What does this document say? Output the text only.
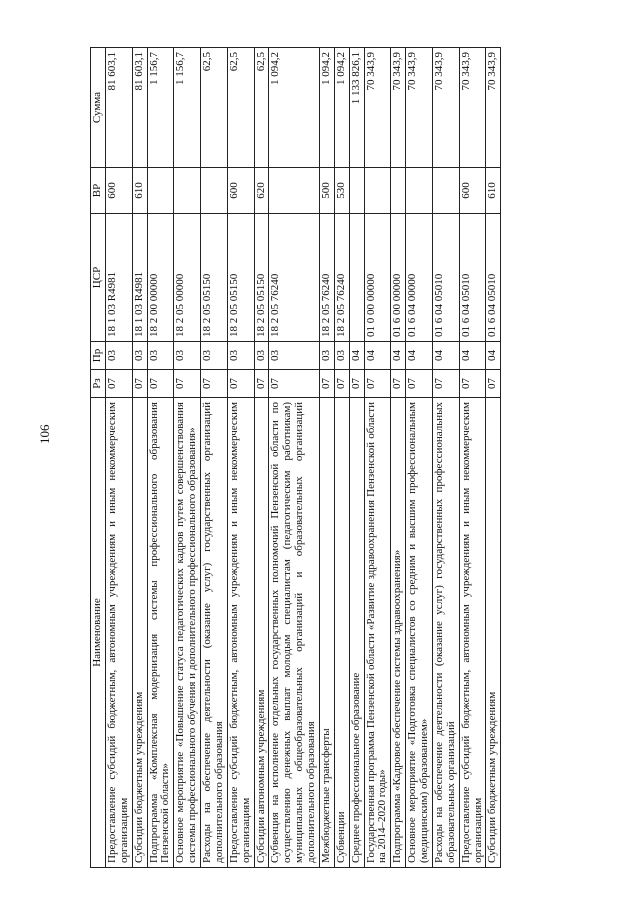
106
Наименование	Рз	Пр	ЦСР	ВР	Сумма
Предоставление субсидий бюджетным, автономным учреждениям и иным некоммерческим организациям	07	03	18 1 03 R4981	600	81 603,1
Субсидии бюджетным учреждениям	07	03	18 1 03 R4981	610	81 603,1
Подпрограмма «Комплексная модернизация системы профессионального образования Пензенской области»	07	03	18 2 00 00000		1 156,7
Основное мероприятие «Повышение статуса педагогических кадров путем совершенствования системы профессионального обучения и дополнительного профессионального образования»	07	03	18 2 05 00000		1 156,7
Расходы на обеспечение деятельности (оказание услуг) государственных организаций дополнительного образования	07	03	18 2 05 05150		62,5
Предоставление субсидий бюджетным, автономным учреждениям и иным некоммерческим организациям	07	03	18 2 05 05150	600	62,5
Субсидии автономным учреждениям	07	03	18 2 05 05150	620	62,5
Субвенция на исполнение отдельных государственных полномочий Пензенской области по осуществлению денежных выплат молодым специалистам (педагогическим работникам) муниципальных общеобразовательных организаций и образовательных организаций дополнительного образования	07	03	18 2 05 76240		1 094,2
Межбюджетные трансферты	07	03	18 2 05 76240	500	1 094,2
Субвенции	07	03	18 2 05 76240	530	1 094,2
Среднее профессиональное образование	07	04			1 133 826,1
Государственная программа Пензенской области «Развитие здравоохранения Пензенской области на 2014–2020 годы»	07	04	01 0 00 00000		70 343,9
Подпрограмма «Кадровое обеспечение системы здравоохранения»	07	04	01 6 00 00000		70 343,9
Основное мероприятие «Подготовка специалистов со средним и высшим профессиональным (медицинским) образованием»	07	04	01 6 04 00000		70 343,9
Расходы на обеспечение деятельности (оказание услуг) государственных профессиональных образовательных организаций	07	04	01 6 04 05010		70 343,9
Предоставление субсидий бюджетным, автономным учреждениям и иным некоммерческим организациям	07	04	01 6 04 05010	600	70 343,9
Субсидии бюджетным учреждениям	07	04	01 6 04 05010	610	70 343,9
